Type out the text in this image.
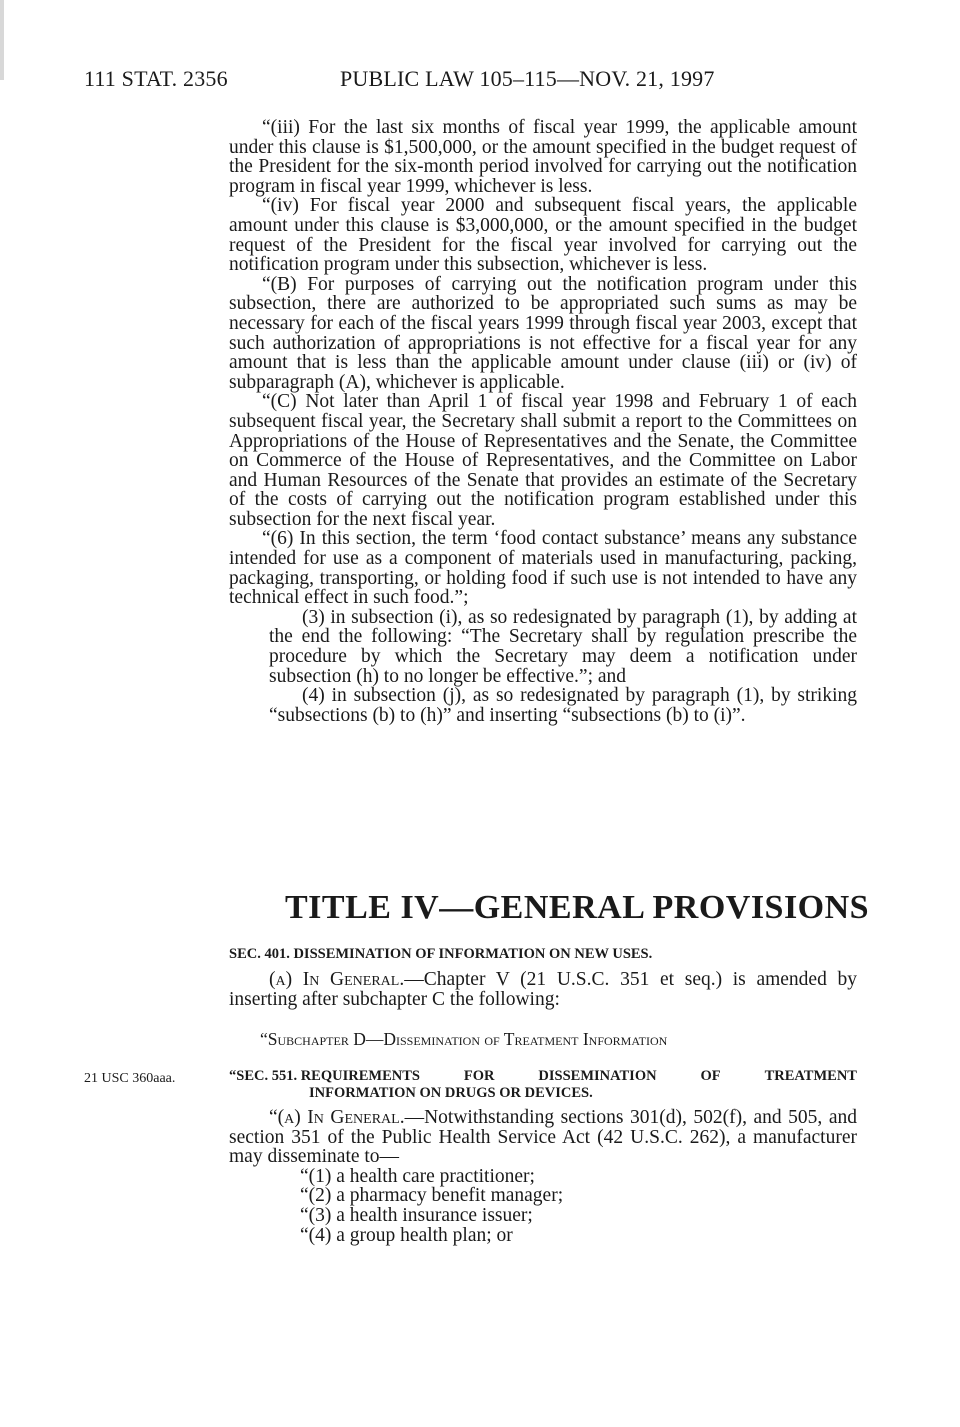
111 STAT. 2356	PUBLIC LAW 105–115—NOV. 21, 1997

“(iii) For the last six months of fiscal year 1999, the applicable amount under this clause is $1,500,000, or the amount specified in the budget request of the President for the six-month period involved for carrying out the notification program in fiscal year 1999, whichever is less.

“(iv) For fiscal year 2000 and subsequent fiscal years, the applicable amount under this clause is $3,000,000, or the amount specified in the budget request of the President for the fiscal year involved for carrying out the notification program under this subsection, whichever is less.

“(B) For purposes of carrying out the notification program under this subsection, there are authorized to be appropriated such sums as may be necessary for each of the fiscal years 1999 through fiscal year 2003, except that such authorization of appropriations is not effective for a fiscal year for any amount that is less than the applicable amount under clause (iii) or (iv) of subparagraph (A), whichever is applicable.

“(C) Not later than April 1 of fiscal year 1998 and February 1 of each subsequent fiscal year, the Secretary shall submit a report to the Committees on Appropriations of the House of Representatives and the Senate, the Committee on Commerce of the House of Representatives, and the Committee on Labor and Human Resources of the Senate that provides an estimate of the Secretary of the costs of carrying out the notification program established under this subsection for the next fiscal year.

“(6) In this section, the term ‘food contact substance’ means any substance intended for use as a component of materials used in manufacturing, packing, packaging, transporting, or holding food if such use is not intended to have any technical effect in such food.”;

(3) in subsection (i), as so redesignated by paragraph (1), by adding at the end the following: “The Secretary shall by regulation prescribe the procedure by which the Secretary may deem a notification under subsection (h) to no longer be effective.”; and

(4) in subsection (j), as so redesignated by paragraph (1), by striking “subsections (b) to (h)” and inserting “subsections (b) to (i)”.

TITLE IV—GENERAL PROVISIONS
SEC. 401. DISSEMINATION OF INFORMATION ON NEW USES.

(a) In General.—Chapter V (21 U.S.C. 351 et seq.) is amended by inserting after subchapter C the following:

“Subchapter D—Dissemination of Treatment Information
21 USC 360aaa.	“SEC. 551. REQUIREMENTS	FOR	DISSEMINATION	OF	TREATMENT
INFORMATION ON DRUGS OR DEVICES.

“(a) In General.—Notwithstanding sections 301(d), 502(f), and 505, and section 351 of the Public Health Service Act (42 U.S.C. 262), a manufacturer may disseminate to—

“(1) a health care practitioner;
“(2) a pharmacy benefit manager;
“(3) a health insurance issuer;
“(4) a group health plan; or
